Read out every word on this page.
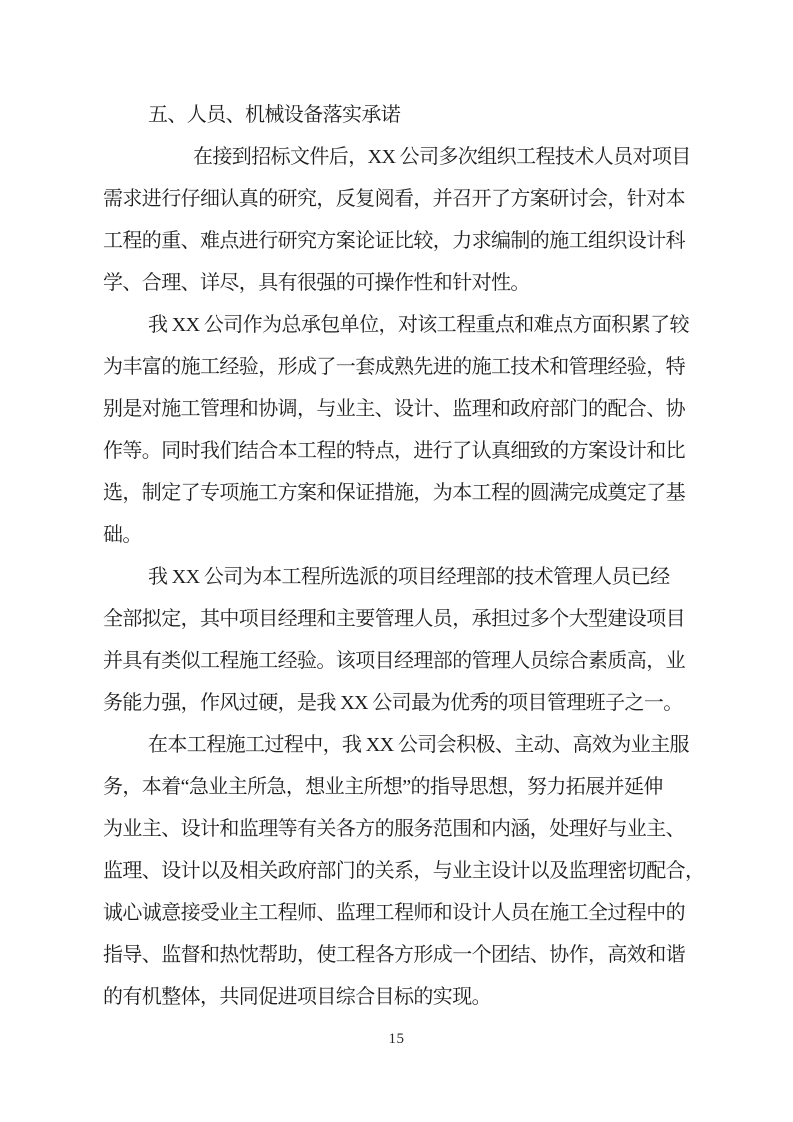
五、人员、机械设备落实承诺
在接到招标文件后，XX 公司多次组织工程技术人员对项目
需求进行仔细认真的研究，反复阅看，并召开了方案研讨会，针对本
工程的重、难点进行研究方案论证比较，力求编制的施工组织设计科
学、合理、详尽，具有很强的可操作性和针对性。
我 XX 公司作为总承包单位，对该工程重点和难点方面积累了较
为丰富的施工经验，形成了一套成熟先进的施工技术和管理经验，特
别是对施工管理和协调，与业主、设计、监理和政府部门的配合、协
作等。同时我们结合本工程的特点，进行了认真细致的方案设计和比
选，制定了专项施工方案和保证措施，为本工程的圆满完成奠定了基
础。
我 XX 公司为本工程所选派的项目经理部的技术管理人员已经
全部拟定，其中项目经理和主要管理人员，承担过多个大型建设项目
并具有类似工程施工经验。该项目经理部的管理人员综合素质高，业
务能力强，作风过硬，是我 XX 公司最为优秀的项目管理班子之一。
在本工程施工过程中，我 XX 公司会积极、主动、高效为业主服
务，本着“急业主所急，想业主所想”的指导思想，努力拓展并延伸
为业主、设计和监理等有关各方的服务范围和内涵，处理好与业主、
监理、设计以及相关政府部门的关系，与业主设计以及监理密切配合，
诚心诚意接受业主工程师、监理工程师和设计人员在施工全过程中的
指导、监督和热忱帮助，使工程各方形成一个团结、协作，高效和谐
的有机整体，共同促进项目综合目标的实现。
15
